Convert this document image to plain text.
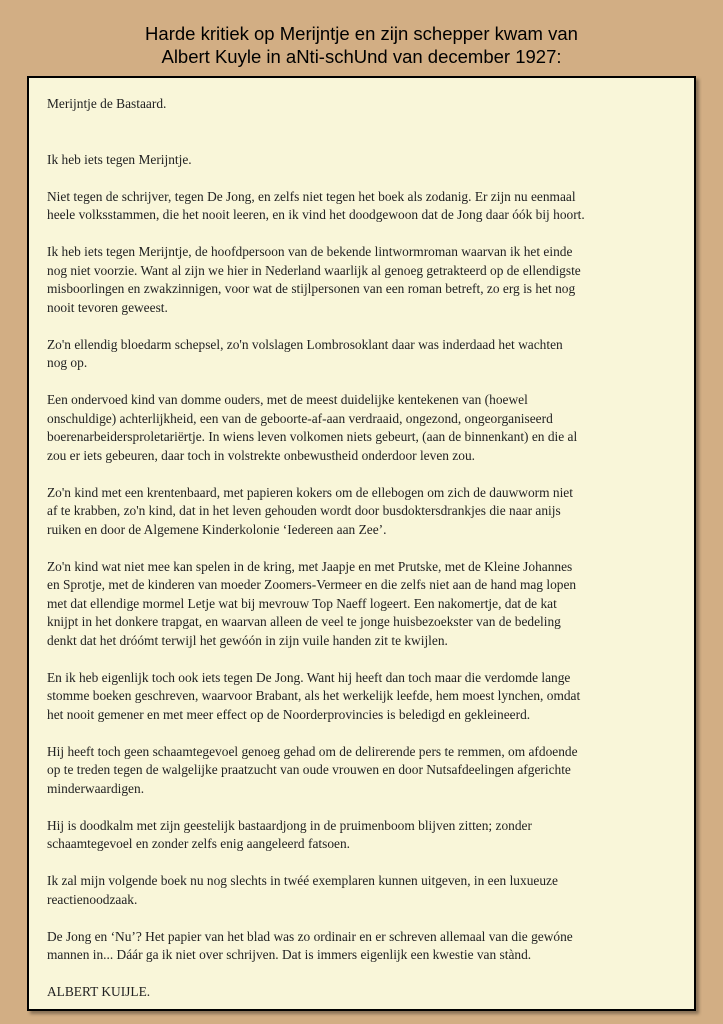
Harde kritiek op Merijntje en zijn schepper kwam van
Albert Kuyle in aNti-schUnd van december 1927:

Merijntje de Bastaard.

Ik heb iets tegen Merijntje.

Niet tegen de schrijver, tegen De Jong, en zelfs niet tegen het boek als zodanig. Er zijn nu eenmaal
heele volksstammen, die het nooit leeren, en ik vind het doodgewoon dat de Jong daar óók bij hoort.

Ik heb iets tegen Merijntje, de hoofdpersoon van de bekende lintwormroman waarvan ik het einde
nog niet voorzie. Want al zijn we hier in Nederland waarlijk al genoeg getrakteerd op de ellendigste
misboorlingen en zwakzinnigen, voor wat de stijlpersonen van een roman betreft, zo erg is het nog
nooit tevoren geweest.

Zo'n ellendig bloedarm schepsel, zo'n volslagen Lombrosoklant daar was inderdaad het wachten
nog op.

Een ondervoed kind van domme ouders, met de meest duidelijke kentekenen van (hoewel
onschuldige) achterlijkheid, een van de geboorte-af-aan verdraaid, ongezond, ongeorganiseerd
boerenarbeidersproletariërtje. In wiens leven volkomen niets gebeurt, (aan de binnenkant) en die al
zou er iets gebeuren, daar toch in volstrekte onbewustheid onderdoor leven zou.

Zo'n kind met een krentenbaard, met papieren kokers om de ellebogen om zich de dauwworm niet
af te krabben, zo'n kind, dat in het leven gehouden wordt door busdoktersdrankjes die naar anijs
ruiken en door de Algemene Kinderkolonie ‘Iedereen aan Zee’.

Zo'n kind wat niet mee kan spelen in de kring, met Jaapje en met Prutske, met de Kleine Johannes
en Sprotje, met de kinderen van moeder Zoomers-Vermeer en die zelfs niet aan de hand mag lopen
met dat ellendige mormel Letje wat bij mevrouw Top Naeff logeert. Een nakomertje, dat de kat
knijpt in het donkere trapgat, en waarvan alleen de veel te jonge huisbezoekster van de bedeling
denkt dat het dróómt terwijl het gewóón in zijn vuile handen zit te kwijlen.

En ik heb eigenlijk toch ook iets tegen De Jong. Want hij heeft dan toch maar die verdomde lange
stomme boeken geschreven, waarvoor Brabant, als het werkelijk leefde, hem moest lynchen, omdat
het nooit gemener en met meer effect op de Noorderprovincies is beledigd en gekleineerd.

Hij heeft toch geen schaamtegevoel genoeg gehad om de delirerende pers te remmen, om afdoende
op te treden tegen de walgelijke praatzucht van oude vrouwen en door Nutsafdeelingen afgerichte
minderwaardigen.

Hij is doodkalm met zijn geestelijk bastaardjong in de pruimenboom blijven zitten; zonder
schaamtegevoel en zonder zelfs enig aangeleerd fatsoen.

Ik zal mijn volgende boek nu nog slechts in twéé exemplaren kunnen uitgeven, in een luxueuze
reactienoodzaak.

De Jong en ‘Nu’? Het papier van het blad was zo ordinair en er schreven allemaal van die gewóne
mannen in... Dáár ga ik niet over schrijven. Dat is immers eigenlijk een kwestie van stànd.

ALBERT KUIJLE.
